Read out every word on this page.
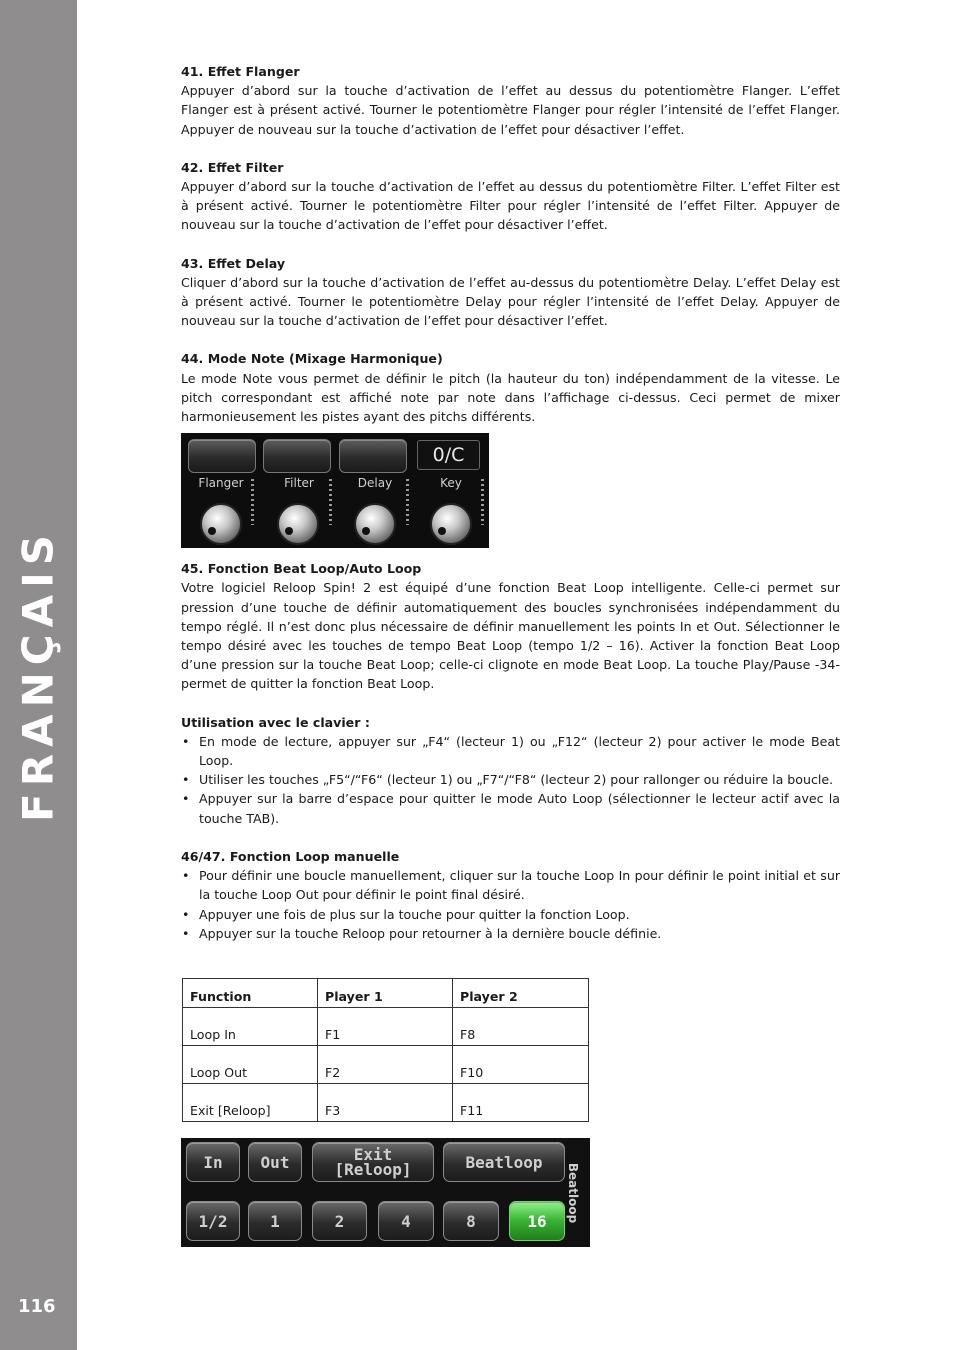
FRANÇAIS
116
41. Effet Flanger
Appuyer d’abord sur la touche d’activation de l’effet au dessus du potentiomètre Flanger. L’effet Flanger est à présent activé. Tourner le potentiomètre Flanger pour régler l’intensité de l’effet Flanger. Appuyer de nouveau sur la touche d’activation de l’effet pour désactiver l’effet.
42. Effet Filter
Appuyer d’abord sur la touche d’activation de l’effet au dessus du potentiomètre Filter. L’effet Filter est à présent activé. Tourner le potentiomètre Filter pour régler l’intensité de l’effet Filter. Appuyer de nouveau sur la touche d’activation de l’effet pour désactiver l’effet.
43. Effet Delay
Cliquer d’abord sur la touche d’activation de l’effet au-dessus du potentiomètre Delay. L’effet Delay est à présent activé. Tourner le potentiomètre Delay pour régler l’intensité de l’effet Delay. Appuyer de nouveau sur la touche d’activation de l’effet pour désactiver l’effet.
44. Mode Note (Mixage Harmonique)
Le mode Note vous permet de définir le pitch (la hauteur du ton) indépendamment de la vitesse. Le pitch correspondant est affiché note par note dans l’affichage ci-dessus. Ceci permet de mixer harmonieusement les pistes ayant des pitchs différents.
45. Fonction Beat Loop/Auto Loop
Votre logiciel Reloop Spin! 2 est équipé d’une fonction Beat Loop intelligente. Celle-ci permet sur pression d’une touche de définir automatiquement des boucles synchronisées indépendamment du tempo réglé. Il n’est donc plus nécessaire de définir manuellement les points In et Out. Sélectionner le tempo désiré avec les touches de tempo Beat Loop (tempo 1/2 – 16). Activer la fonction Beat Loop d’une pression sur la touche Beat Loop; celle-ci clignote en mode Beat Loop. La touche Play/Pause -34- permet de quitter la fonction Beat Loop.
Utilisation avec le clavier :
• En mode de lecture, appuyer sur „F4“ (lecteur 1) ou „F12“ (lecteur 2) pour activer le mode Beat Loop.
• Utiliser les touches „F5“/“F6“ (lecteur 1) ou „F7“/“F8“ (lecteur 2) pour rallonger ou réduire la boucle.
• Appuyer sur la barre d’espace pour quitter le mode Auto Loop (sélectionner le lecteur actif avec la touche TAB).
46/47. Fonction Loop manuelle
• Pour définir une boucle manuellement, cliquer sur la touche Loop In pour définir le point initial et sur la touche Loop Out pour définir le point final désiré.
• Appuyer une fois de plus sur la touche pour quitter la fonction Loop.
• Appuyer sur la touche Reloop pour retourner à la dernière boucle définie.
0/C
Flanger	Filter	Delay	Key
Function	Player 1	Player 2
Loop In	F1	F8
Loop Out	F2	F10
Exit [Reloop]	F3	F11
In	Out	Exit
[Reloop]	Beatloop
1/2	1	2	4	8	16	Beatloop
